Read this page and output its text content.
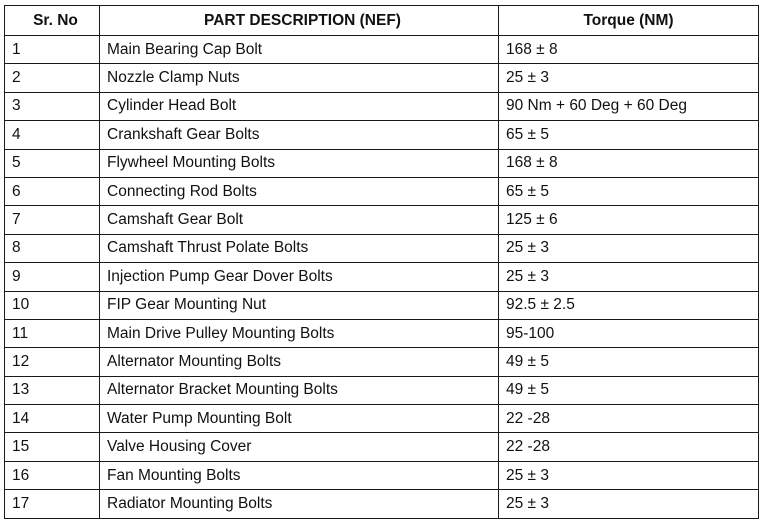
Sr. No	PART DESCRIPTION (NEF)	Torque (NM)
1	Main Bearing Cap Bolt	168 ± 8
2	Nozzle Clamp Nuts	25 ± 3
3	Cylinder Head Bolt	90 Nm + 60 Deg + 60 Deg
4	Crankshaft Gear Bolts	65 ± 5
5	Flywheel Mounting Bolts	168 ± 8
6	Connecting Rod Bolts	65 ± 5
7	Camshaft Gear Bolt	125 ± 6
8	Camshaft Thrust Polate Bolts	25 ± 3
9	Injection Pump Gear Dover Bolts	25 ± 3
10	FIP Gear Mounting Nut	92.5 ± 2.5
11	Main Drive Pulley Mounting Bolts	95-100
12	Alternator Mounting Bolts	49 ± 5
13	Alternator Bracket Mounting Bolts	49 ± 5
14	Water Pump Mounting Bolt	22 -28
15	Valve Housing Cover	22 -28
16	Fan Mounting Bolts	25 ± 3
17	Radiator Mounting Bolts	25 ± 3
